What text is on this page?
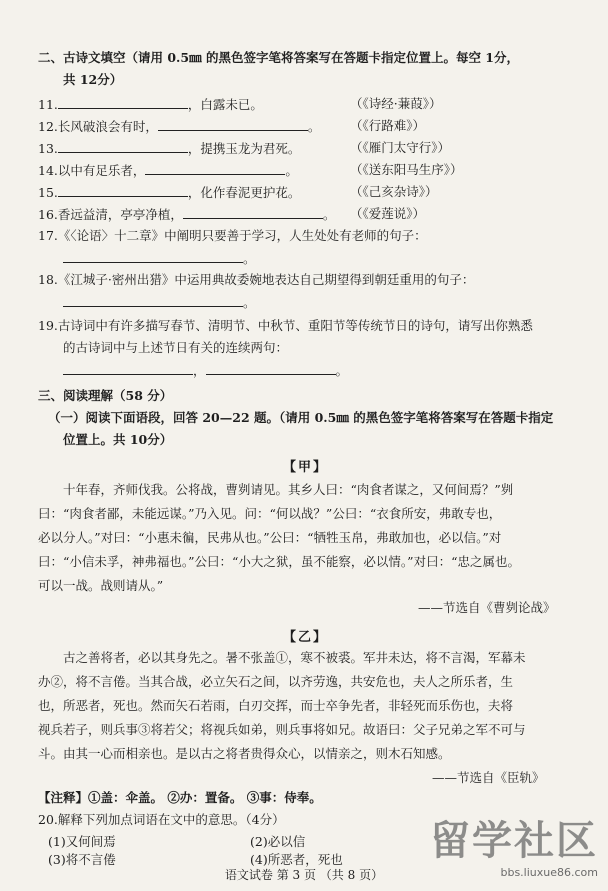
二、古诗文填空（请用 0.5㎜ 的黑色签字笔将答案写在答题卡指定位置上。每空 1分，
共 12分）
11.	，白露未已。	（《诗经·蒹葭》）
12.长风破浪会有时，	。 （《行路难》）
13.	，提携玉龙为君死。	（《雁门太守行》）
14.以中有足乐者，	。	（《送东阳马生序》）
15.	，化作春泥更护花。	（《己亥杂诗》）
16.香远益清，亭亭净植，	。 （《爱莲说》）
17.《〈论语〉十二章》中阐明只要善于学习，人生处处有老师的句子：
。
18.《江城子·密州出猎》中运用典故委婉地表达自己期望得到朝廷重用的句子：
。
19.古诗词中有许多描写春节、清明节、中秋节、重阳节等传统节日的诗句，请写出你熟悉
的古诗词中与上述节日有关的连续两句：
，	。
三、阅读理解（58 分）
（一）阅读下面语段，回答 20—22 题。（请用 0.5㎜ 的黑色签字笔将答案写在答题卡指定
位置上。共 10分）
【甲】
十年春，齐师伐我。公将战，曹刿请见。其乡人曰：“肉食者谋之，又何间焉？”刿
曰：“肉食者鄙，未能远谋。”乃入见。问：“何以战？”公曰：“衣食所安，弗敢专也，
必以分人。”对曰：“小惠未徧，民弗从也。”公曰：“牺牲玉帛，弗敢加也，必以信。”对
曰：“小信未孚，神弗福也。”公曰：“小大之狱，虽不能察，必以情。”对曰：“忠之属也。
可以一战。战则请从。”
——节选自《曹刿论战》
【乙】
古之善将者，必以其身先之。暑不张盖①，寒不被裘。军井未达，将不言渴，军幕未
办②，将不言倦。当其合战，必立矢石之间，以齐劳逸，共安危也，夫人之所乐者，生
也，所恶者，死也。然而矢石若雨，白刃交挥，而士卒争先者，非轻死而乐伤也，夫将
视兵若子，则兵事③将若父；将视兵如弟，则兵事将如兄。故语曰：父子兄弟之军不可与
斗。由其一心而相亲也。是以古之将者贵得众心，以情亲之，则木石知感。
——节选自《臣轨》
【注释】①盖：伞盖。 ②办：置备。 ③事：侍奉。
20.解释下列加点词语在文中的意思。（4分）
(1)又何间焉	(2)必以信
(3)将不言倦	(4)所恶者，死也
语文试卷 第 3 页 （共 8 页）
留学社区
bbs.liuxue86.com
